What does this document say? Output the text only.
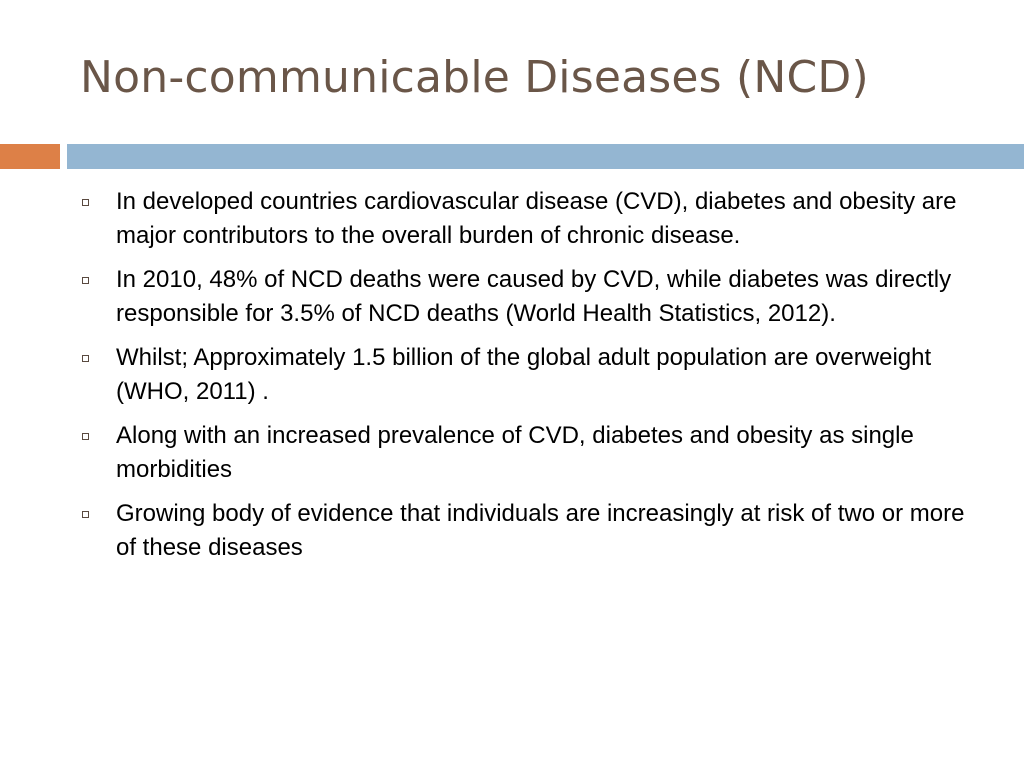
Non-communicable Diseases (NCD)
In developed countries cardiovascular disease (CVD), diabetes and obesity are major contributors to the overall burden of chronic disease.
In 2010, 48% of NCD deaths were caused by CVD, while diabetes was directly responsible for 3.5% of NCD deaths (World Health Statistics, 2012).
Whilst; Approximately 1.5 billion of the global adult population are overweight (WHO, 2011) .
Along with an increased prevalence of CVD, diabetes and obesity as single morbidities
Growing body of evidence that individuals are increasingly at risk of two or more of these diseases
